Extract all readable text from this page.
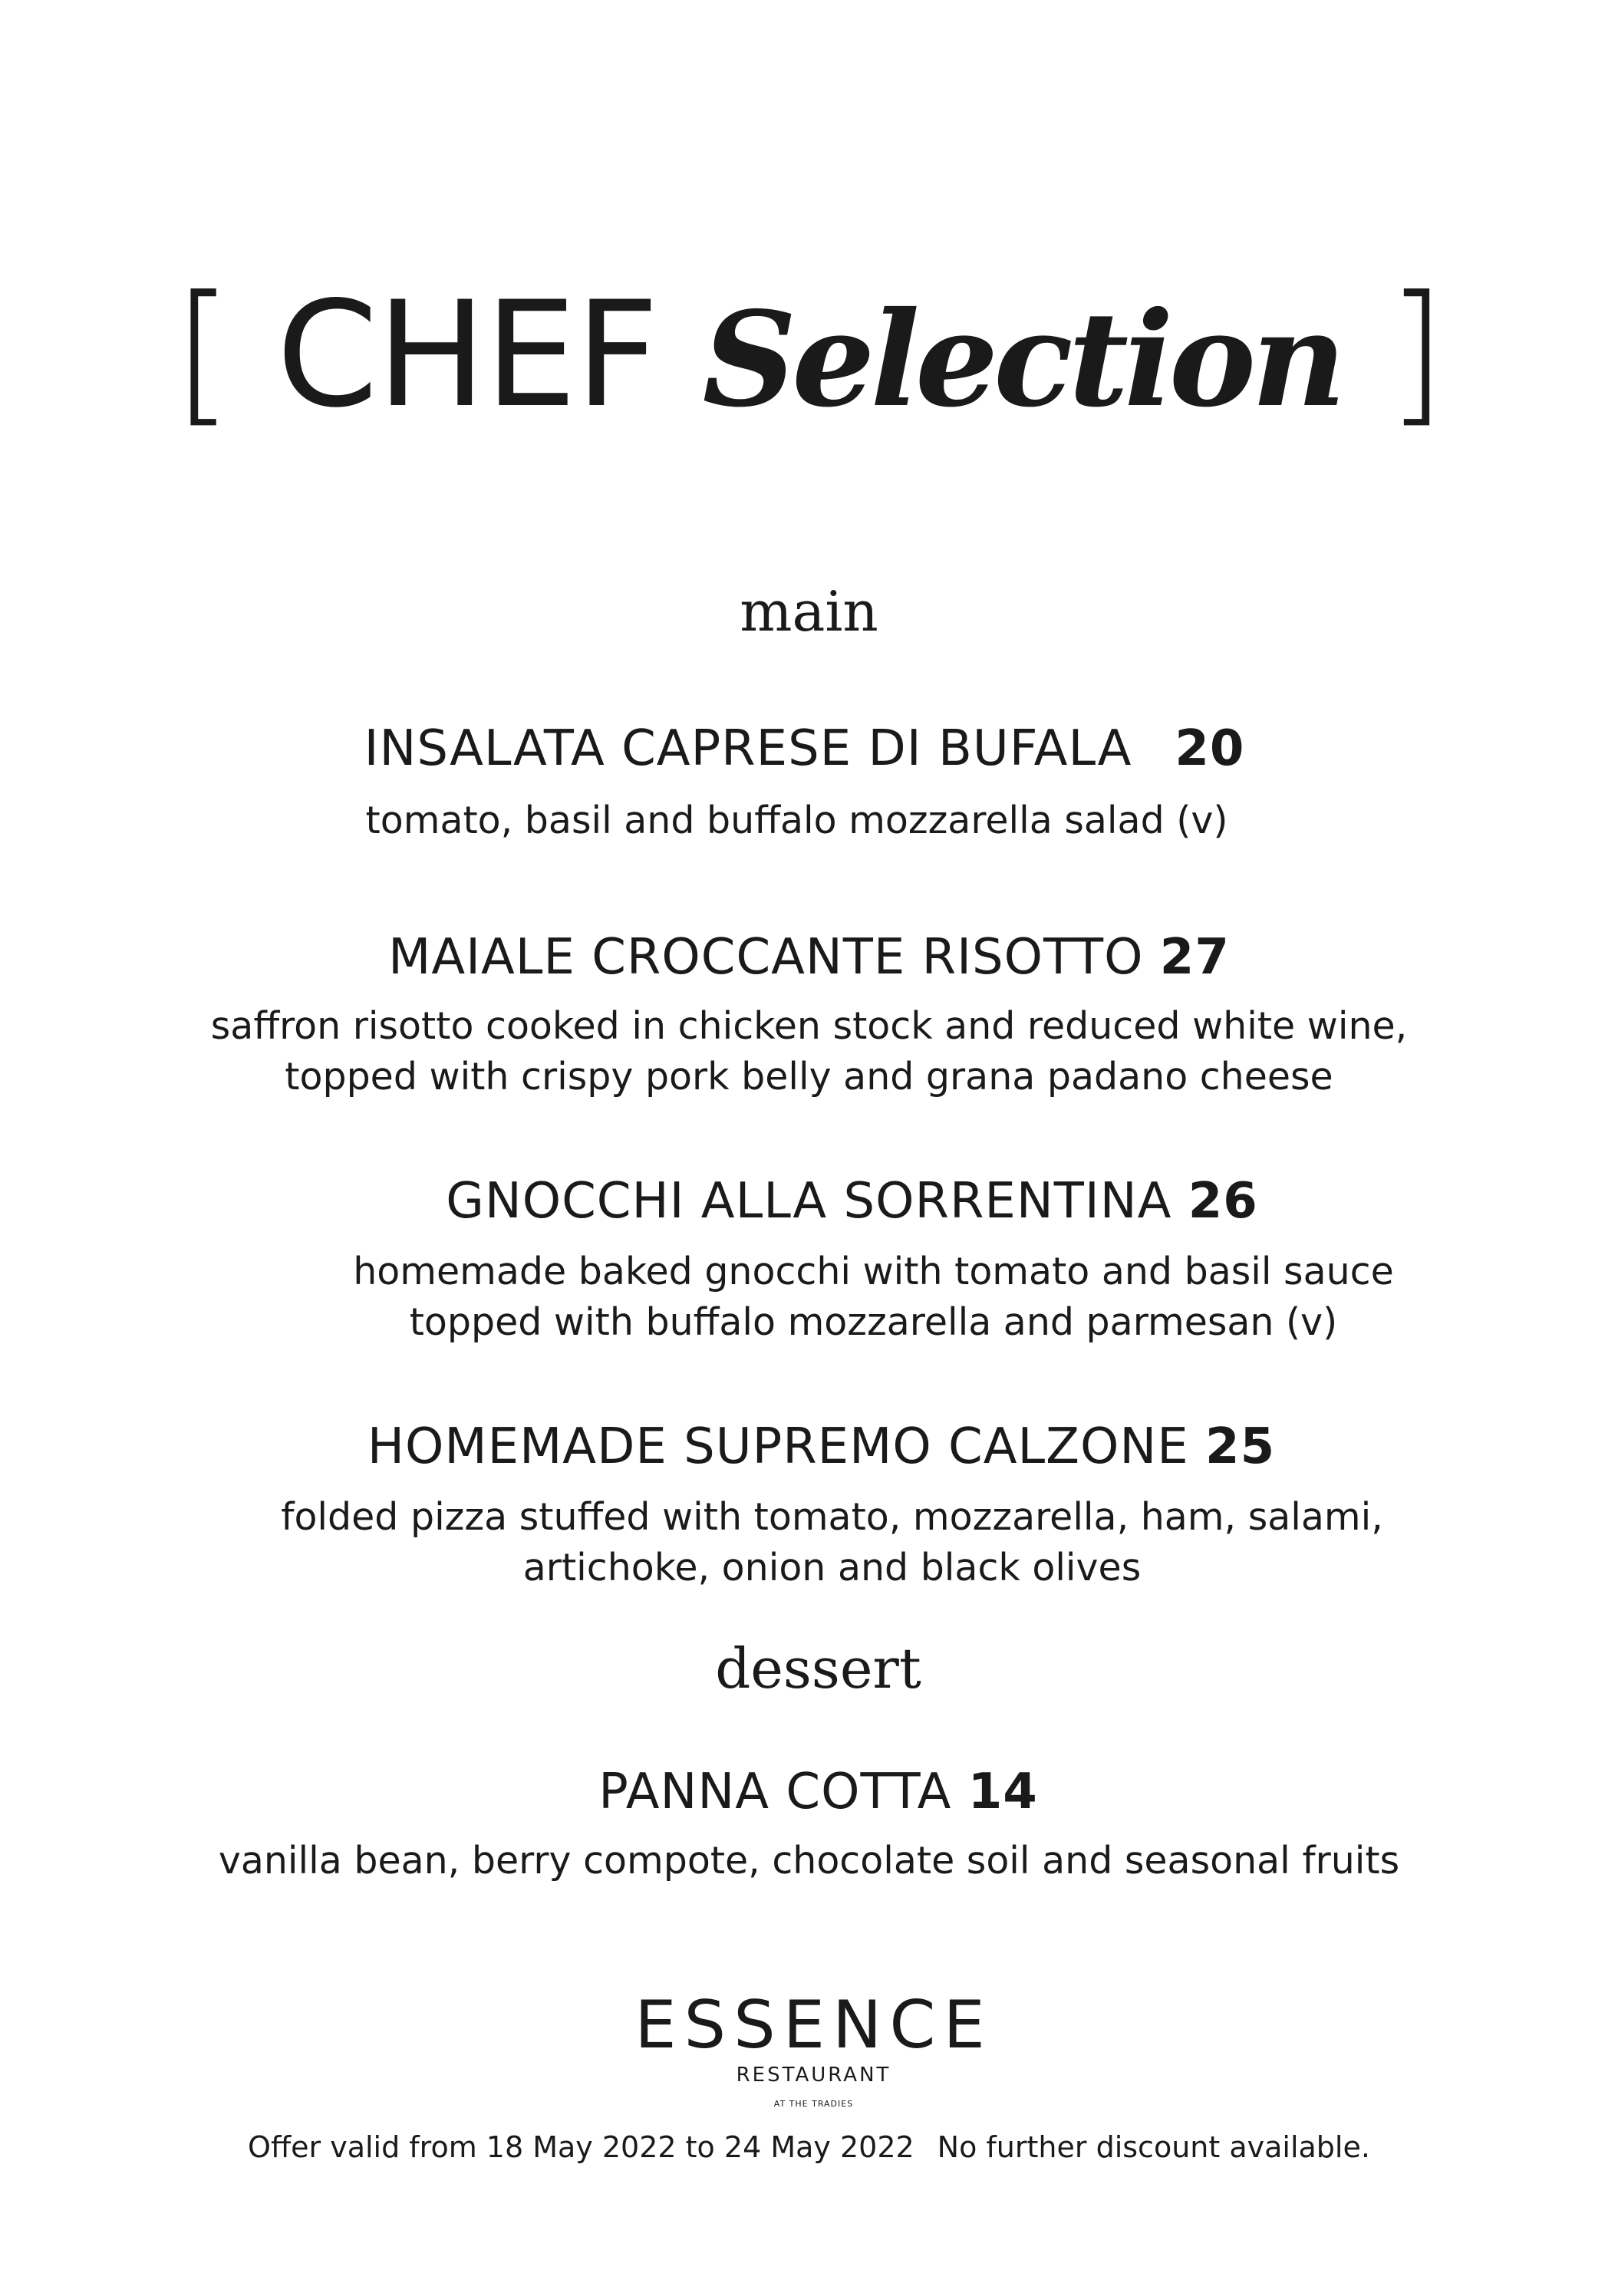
[ CHEF Selection ]
main
INSALATA CAPRESE DI BUFALA 20
tomato, basil and buffalo mozzarella salad (v)
MAIALE CROCCANTE RISOTTO 27
saffron risotto cooked in chicken stock and reduced white wine,
topped with crispy pork belly and grana padano cheese
GNOCCHI ALLA SORRENTINA 26
homemade baked gnocchi with tomato and basil sauce
topped with buffalo mozzarella and parmesan (v)
HOMEMADE SUPREMO CALZONE 25
folded pizza stuffed with tomato, mozzarella, ham, salami,
artichoke, onion and black olives
dessert
PANNA COTTA 14
vanilla bean, berry compote, chocolate soil and seasonal fruits
ESSENCE
RESTAURANT
AT THE TRADIES
Offer valid from 18 May 2022 to 24 May 2022 No further discount available.
